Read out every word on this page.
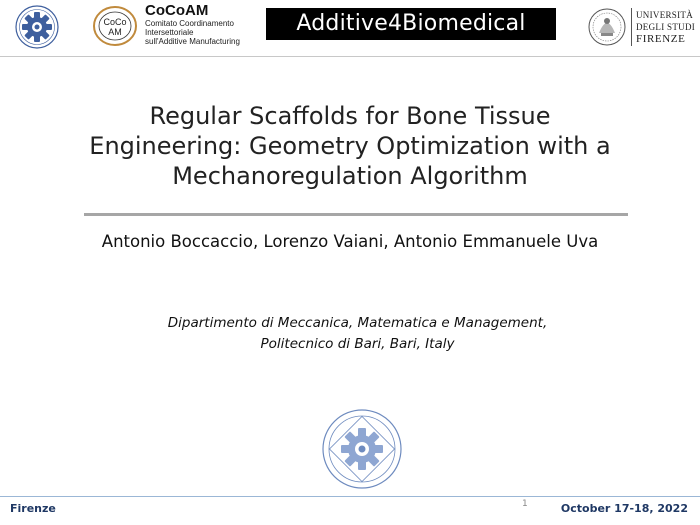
CoCo
AM
CoCoAM
Comitato Coordinamento
Intersettoriale
sull'Additive Manufacturing
Additive4Biomedical	UNIVERSITÀ
DEGLI STUDI
FIRENZE
Regular Scaffolds for Bone Tissue
Engineering: Geometry Optimization with a
Mechanoregulation Algorithm
Antonio Boccaccio, Lorenzo Vaiani, Antonio Emmanuele Uva
Dipartimento di Meccanica, Matematica e Management,
Politecnico di Bari, Bari, Italy
Firenze	1	October 17-18, 2022
